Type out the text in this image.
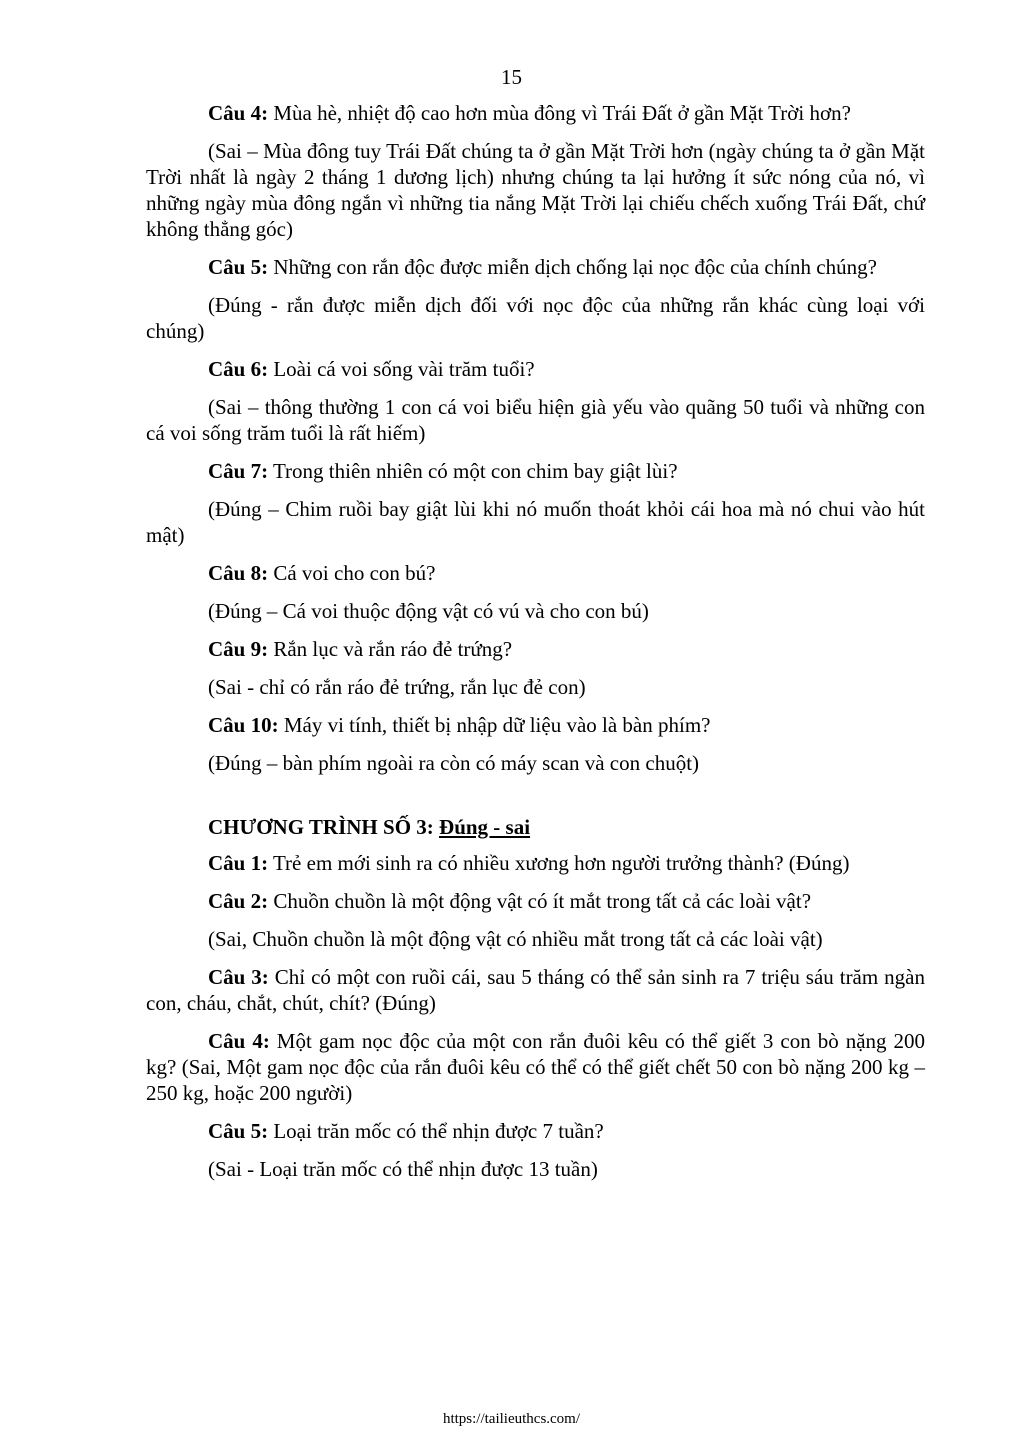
15

Câu 4: Mùa hè, nhiệt độ cao hơn mùa đông vì Trái Đất ở gần Mặt Trời hơn?

(Sai – Mùa đông tuy Trái Đất chúng ta ở gần Mặt Trời hơn (ngày chúng ta ở gần Mặt Trời nhất là ngày 2 tháng 1 dương lịch) nhưng chúng ta lại hưởng ít sức nóng của nó, vì những ngày mùa đông ngắn vì những tia nắng Mặt Trời lại chiếu chếch xuống Trái Đất, chứ không thẳng góc)

Câu 5: Những con rắn độc được miễn dịch chống lại nọc độc của chính chúng?

(Đúng - rắn được miễn dịch đối với nọc độc của những rắn khác cùng loại với chúng)

Câu 6: Loài cá voi sống vài trăm tuổi?

(Sai – thông thường 1 con cá voi biểu hiện già yếu vào quãng 50 tuổi và những con cá voi sống trăm tuổi là rất hiếm)

Câu 7: Trong thiên nhiên có một con chim bay giật lùi?

(Đúng – Chim ruồi bay giật lùi khi nó muốn thoát khỏi cái hoa mà nó chui vào hút mật)

Câu 8: Cá voi cho con bú?

(Đúng – Cá voi thuộc động vật có vú và cho con bú)

Câu 9: Rắn lục và rắn ráo đẻ trứng?

(Sai - chỉ có rắn ráo đẻ trứng, rắn lục đẻ con)

Câu 10: Máy vi tính, thiết bị nhập dữ liệu vào là bàn phím?

(Đúng – bàn phím ngoài ra còn có máy scan và con chuột)

CHƯƠNG TRÌNH SỐ 3: Đúng - sai

Câu 1: Trẻ em mới sinh ra có nhiều xương hơn người trưởng thành? (Đúng)

Câu 2: Chuồn chuồn là một động vật có ít mắt trong tất cả các loài vật?

(Sai, Chuồn chuồn là một động vật có nhiều mắt trong tất cả các loài vật)

Câu 3: Chỉ có một con ruồi cái, sau 5 tháng có thể sản sinh ra 7 triệu sáu trăm ngàn con, cháu, chắt, chút, chít? (Đúng)

Câu 4: Một gam nọc độc của một con rắn đuôi kêu có thể giết 3 con bò nặng 200 kg? (Sai, Một gam nọc độc của rắn đuôi kêu có thể có thể giết chết 50 con bò nặng 200 kg – 250 kg, hoặc 200 người)

Câu 5: Loại trăn mốc có thể nhịn được 7 tuần?

(Sai - Loại trăn mốc có thể nhịn được 13 tuần)

https://tailieuthcs.com/
